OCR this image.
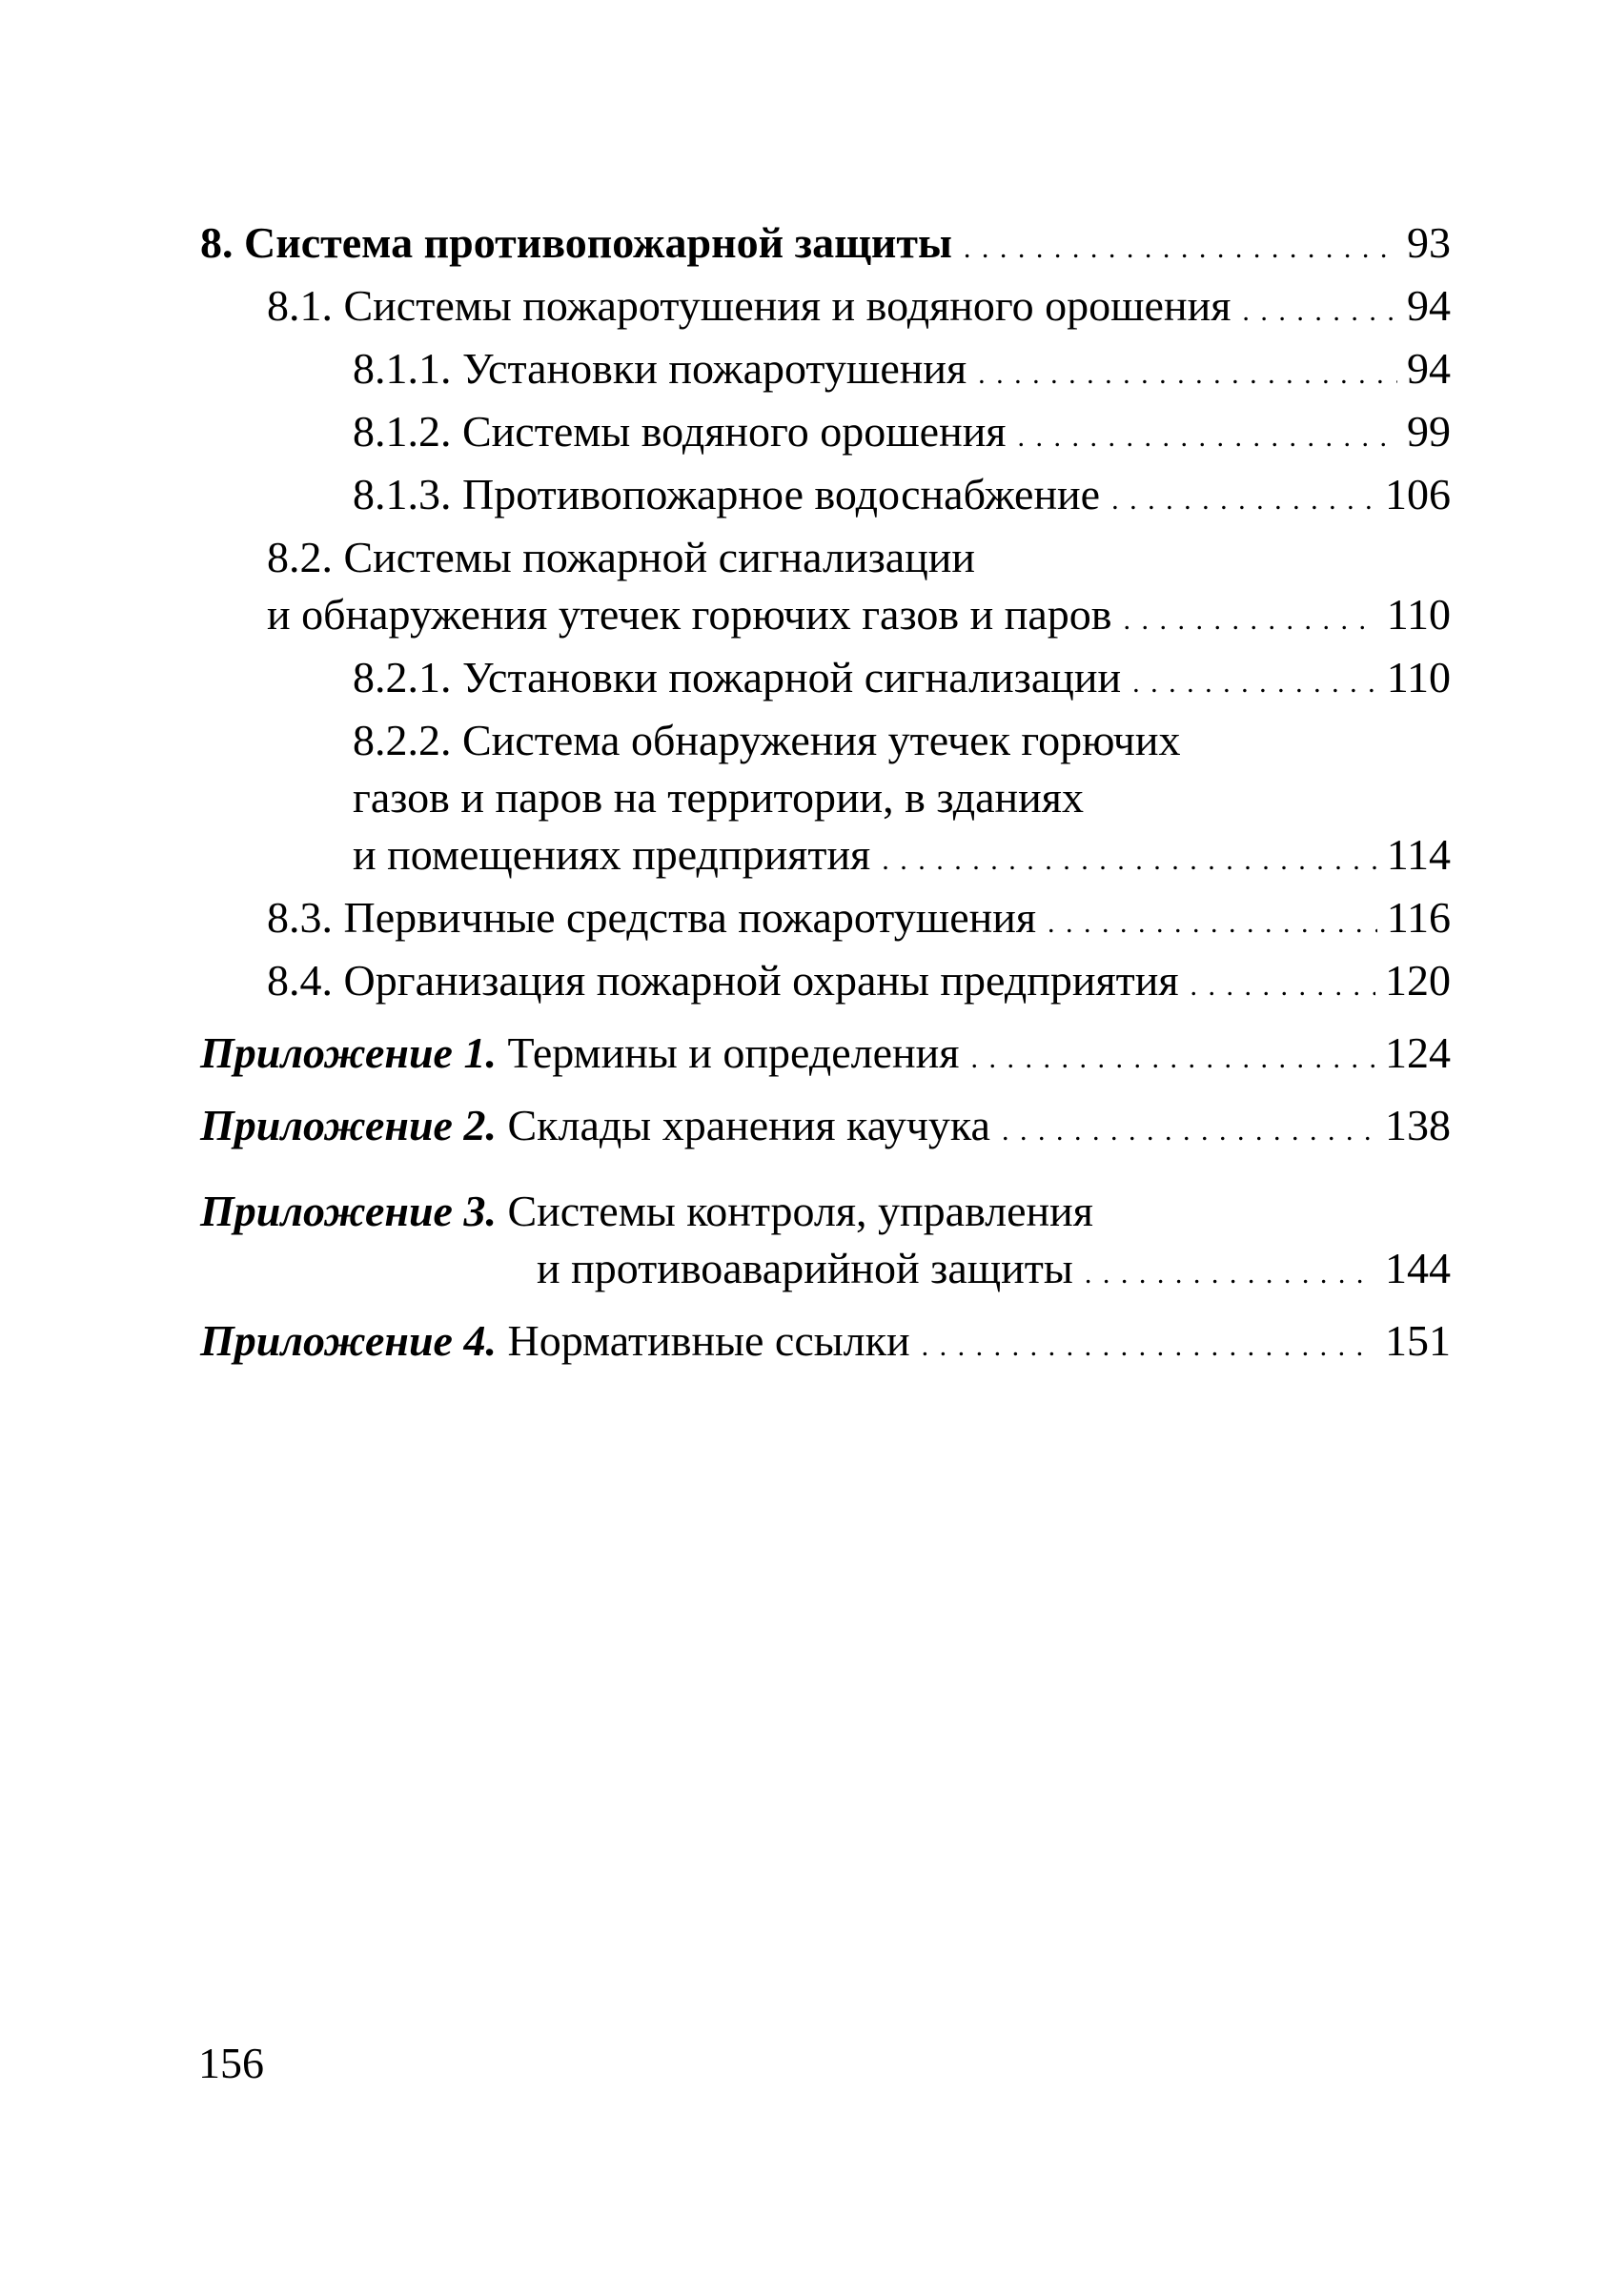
8. Система противопожарной защиты . . .	93
8.1. Системы пожаротушения и водяного орошения . . .	94
8.1.1. Установки пожаротушения . . .	94
8.1.2. Системы водяного орошения . . .	99
8.1.3. Противопожарное водоснабжение . . .	106
8.2. Системы пожарной сигнализации
и обнаружения утечек горючих газов и паров . . .	110
8.2.1. Установки пожарной сигнализации . . .	110
8.2.2. Система обнаружения утечек горючих
газов и паров на территории, в зданиях
и помещениях предприятия . . .	114
8.3. Первичные средства пожаротушения . . .	116
8.4. Организация пожарной охраны предприятия . . .	120
Приложение 1. Термины и определения . . .	124
Приложение 2. Склады хранения каучука . . .	138
Приложение 3. Системы контроля, управления
и противоаварийной защиты . . .	144
Приложение 4. Нормативные ссылки . . .	151
156
